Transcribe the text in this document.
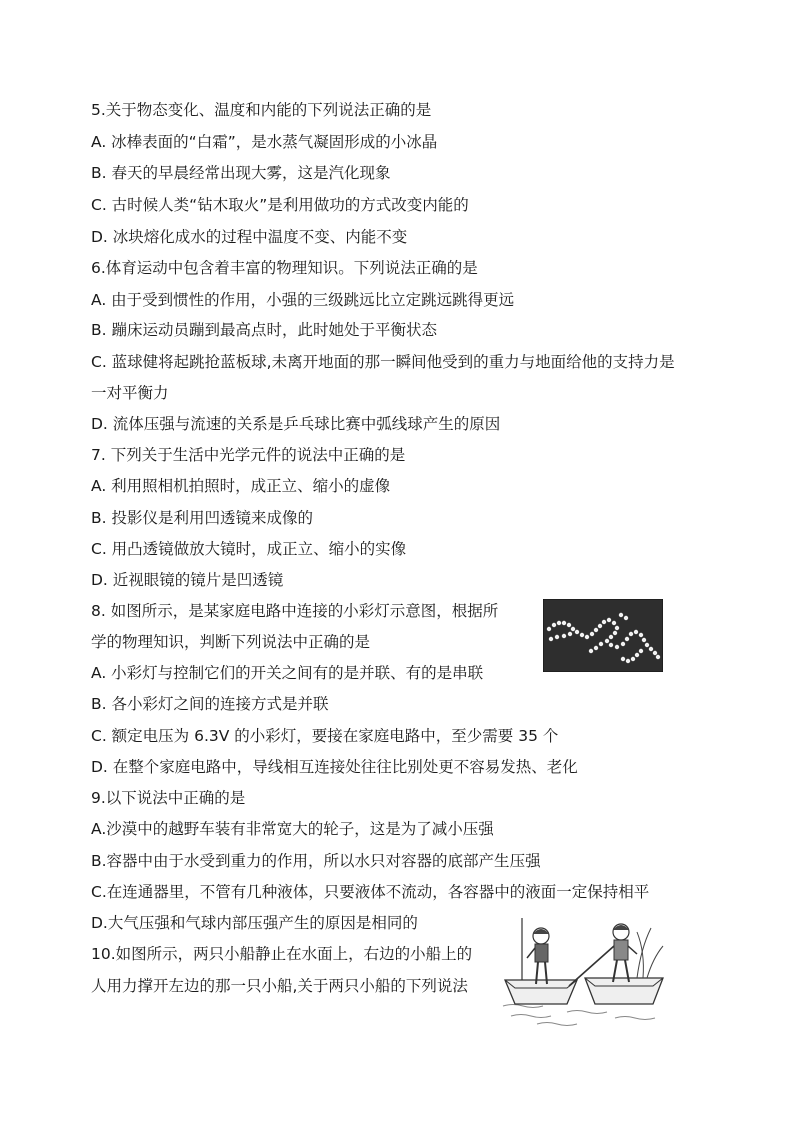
5.关于物态变化、温度和内能的下列说法正确的是
A. 冰棒表面的“白霜”，是水蒸气凝固形成的小冰晶
B. 春天的早晨经常出现大雾，这是汽化现象
C. 古时候人类“钻木取火”是利用做功的方式改变内能的
D. 冰块熔化成水的过程中温度不变、内能不变
6.体育运动中包含着丰富的物理知识。下列说法正确的是
A. 由于受到惯性的作用，小强的三级跳远比立定跳远跳得更远
B. 蹦床运动员蹦到最高点时，此时她处于平衡状态
C. 蓝球健将起跳抢蓝板球,未离开地面的那一瞬间他受到的重力与地面给他的支持力是
一对平衡力
D. 流体压强与流速的关系是乒乓球比赛中弧线球产生的原因
7. 下列关于生活中光学元件的说法中正确的是
A. 利用照相机拍照时，成正立、缩小的虚像
B. 投影仪是利用凹透镜来成像的
C. 用凸透镜做放大镜时，成正立、缩小的实像
D. 近视眼镜的镜片是凹透镜
8. 如图所示，是某家庭电路中连接的小彩灯示意图，根据所
学的物理知识，判断下列说法中正确的是
A. 小彩灯与控制它们的开关之间有的是并联、有的是串联
B. 各小彩灯之间的连接方式是并联
C. 额定电压为 6.3V 的小彩灯，要接在家庭电路中，至少需要 35 个
D. 在整个家庭电路中，导线相互连接处往往比别处更不容易发热、老化
9.以下说法中正确的是
A.沙漠中的越野车装有非常宽大的轮子，这是为了减小压强
B.容器中由于水受到重力的作用，所以水只对容器的底部产生压强
C.在连通器里，不管有几种液体，只要液体不流动，各容器中的液面一定保持相平
D.大气压强和气球内部压强产生的原因是相同的
10.如图所示，两只小船静止在水面上，右边的小船上的
人用力撑开左边的那一只小船,关于两只小船的下列说法
